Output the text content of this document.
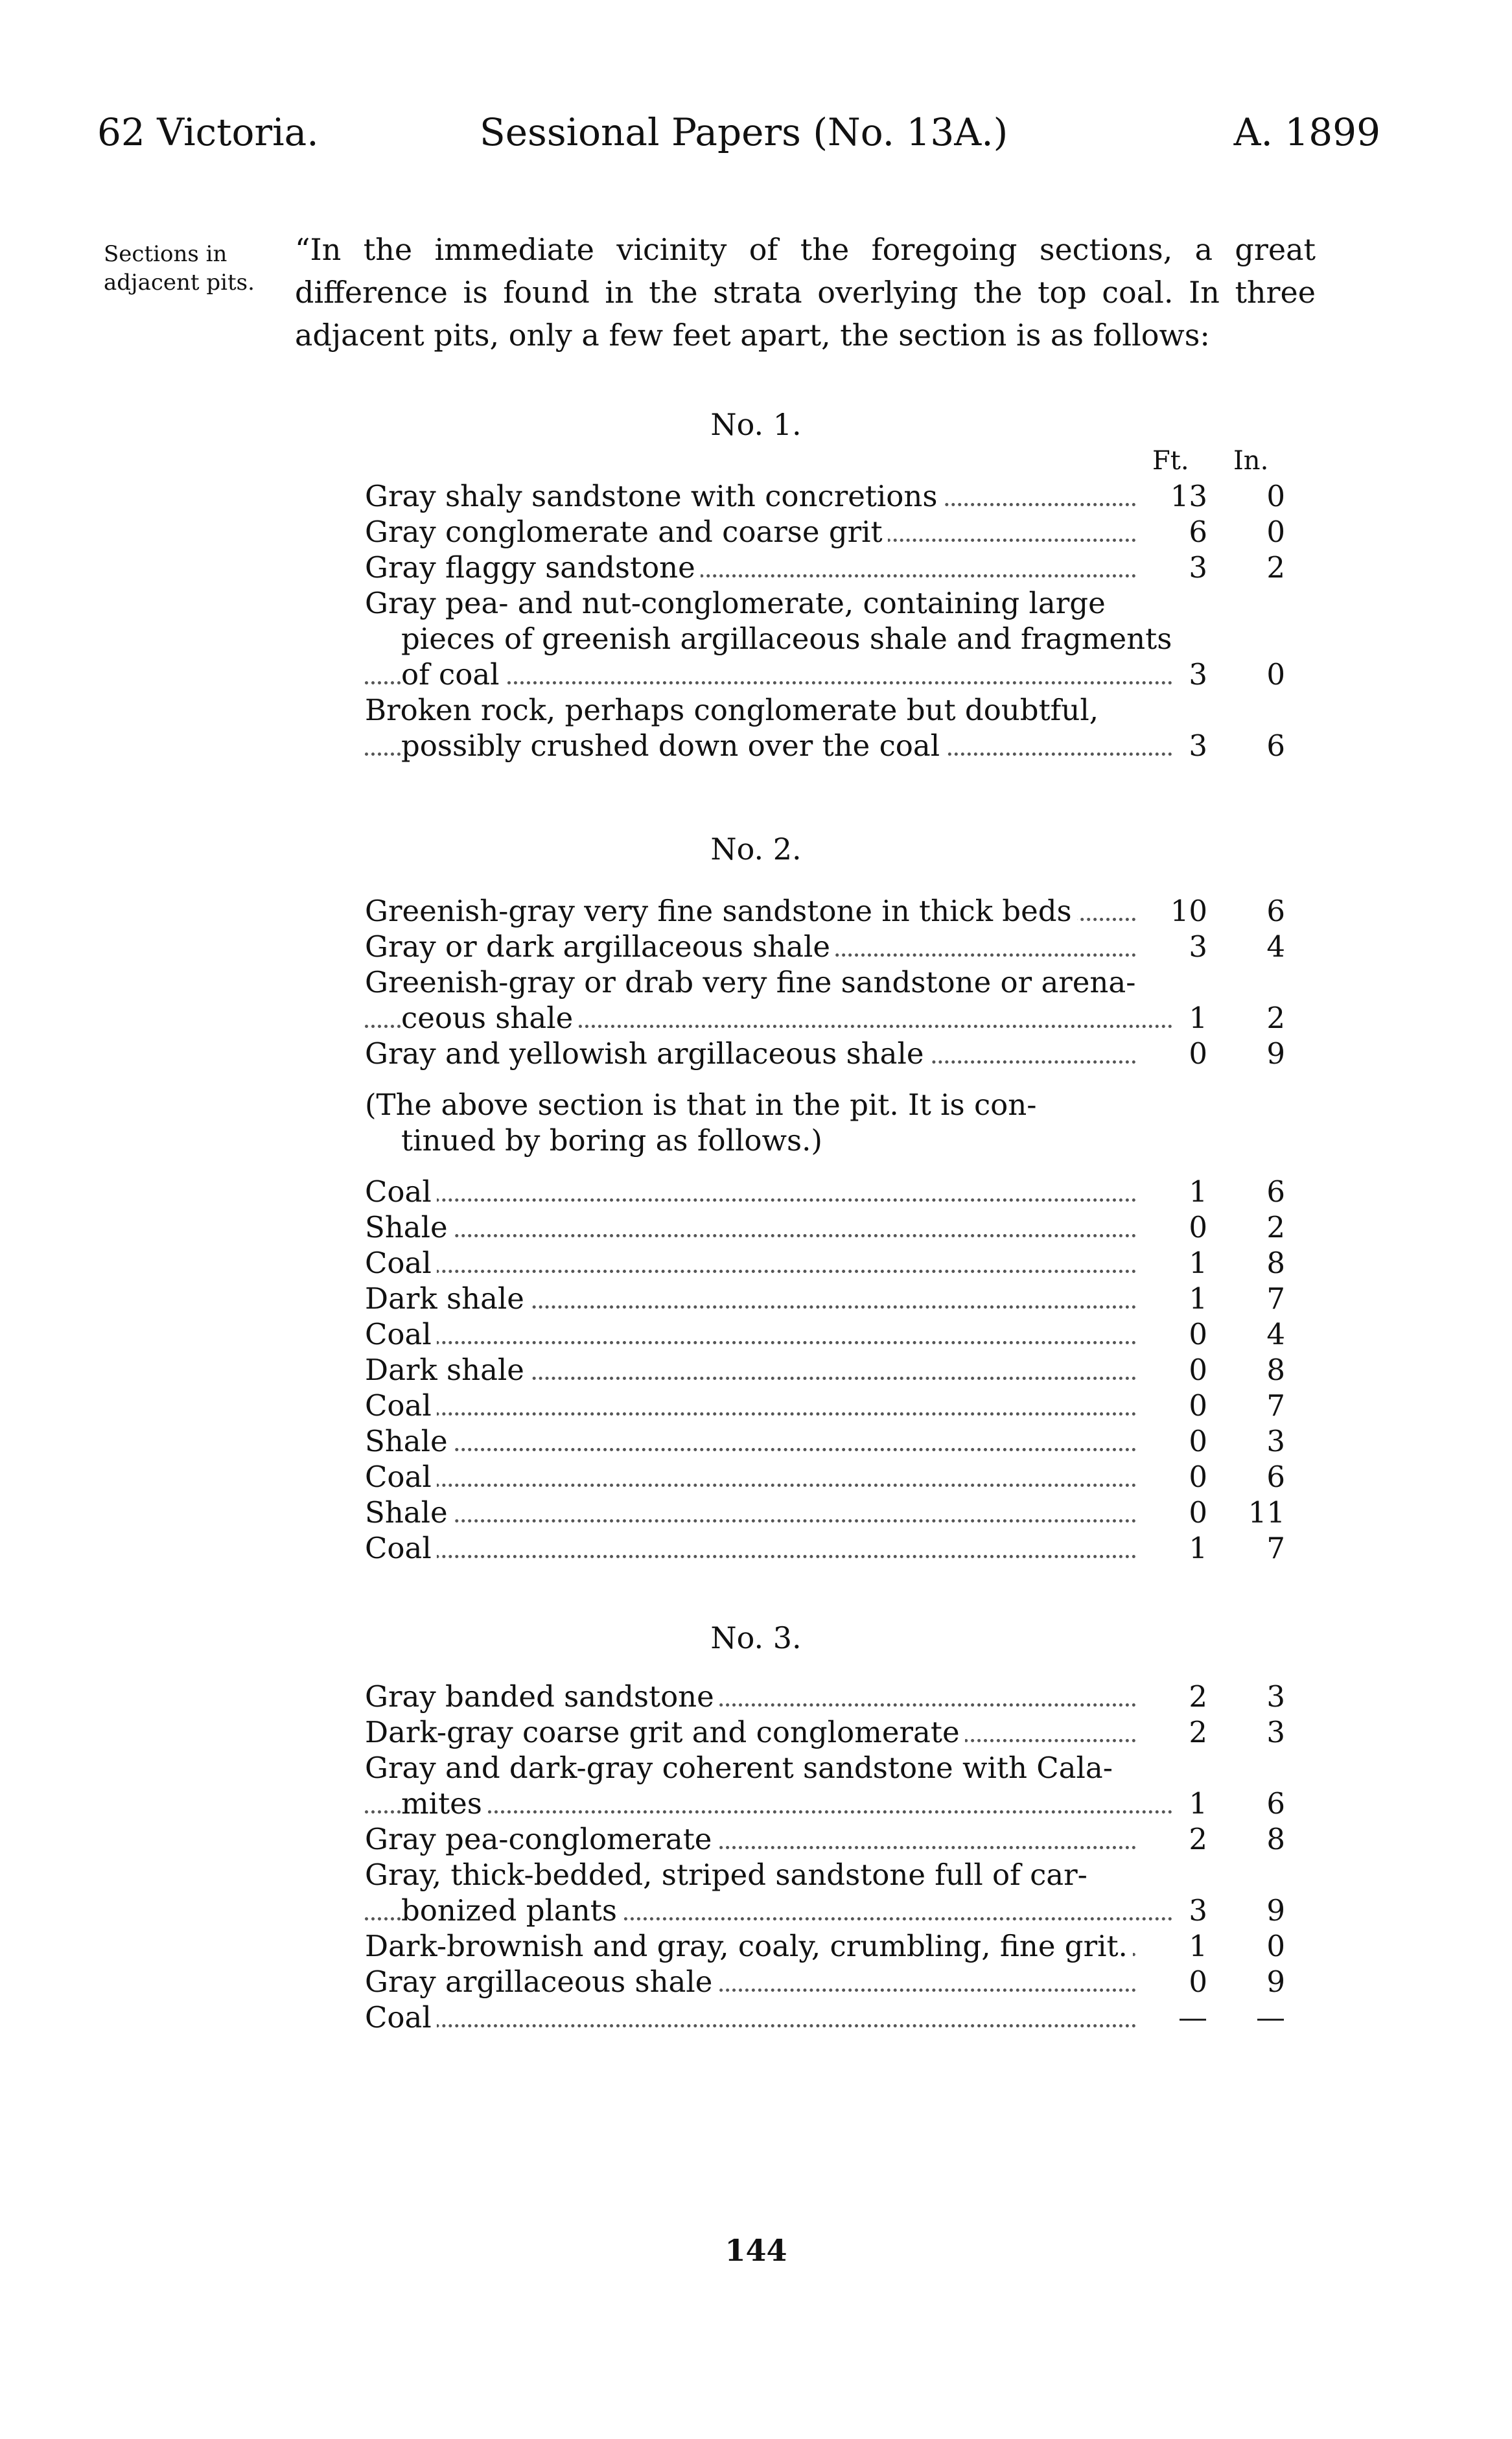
62 Victoria.	Sessional Papers (No. 13A.)	A. 1899
Sections in
adjacent pits.
“In the immediate vicinity of the foregoing sections, a great difference is found in the strata overlying the top coal. In three adjacent pits, only a few feet apart, the section is as follows:
Ft. In.
No. 1.
Gray shaly sandstone with concretions	13	0
Gray conglomerate and coarse grit	6	0
Gray flaggy sandstone	3	2
Gray pea- and nut-conglomerate, containing large
pieces of greenish argillaceous shale and fragments
of coal	3	0
Broken rock, perhaps conglomerate but doubtful,
possibly crushed down over the coal	3	6
No. 2.
Greenish-gray very fine sandstone in thick beds	10	6
Gray or dark argillaceous shale	3	4
Greenish-gray or drab very fine sandstone or arena-
ceous shale	1	2
Gray and yellowish argillaceous shale	0	9
(The above section is that in the pit. It is con-
tinued by boring as follows.)
Coal	1	6
Shale	0	2
Coal	1	8
Dark shale	1	7
Coal	0	4
Dark shale	0	8
Coal	0	7
Shale	0	3
Coal	0	6
Shale	0	11
Coal	1	7
No. 3.
Gray banded sandstone	2	3
Dark-gray coarse grit and conglomerate	2	3
Gray and dark-gray coherent sandstone with Cala-
mites	1	6
Gray pea-conglomerate	2	8
Gray, thick-bedded, striped sandstone full of car-
bonized plants	3	9
Dark-brownish and gray, coaly, crumbling, fine grit.	1	0
Gray argillaceous shale	0	9
Coal	—	—
144
